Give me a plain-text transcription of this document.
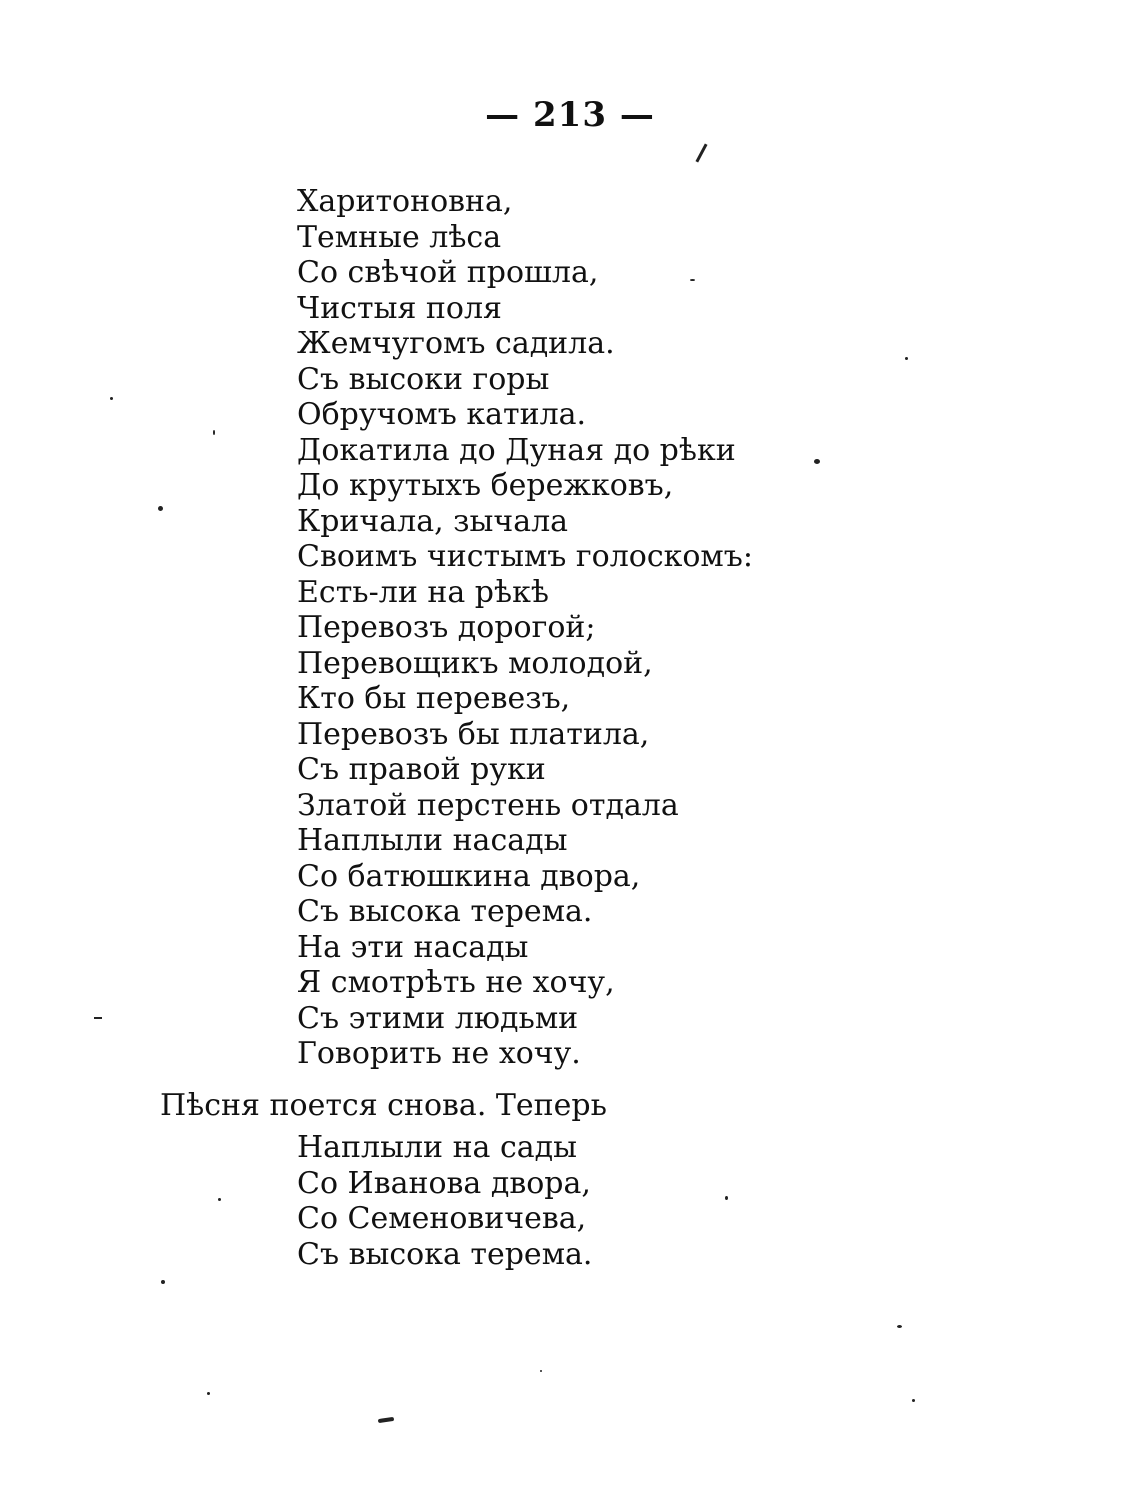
— 213 —
Харитоновна,
Темные лѣса
Со свѣчой прошла,
Чистыя поля
Жемчугомъ садила.
Съ высоки горы
Обручомъ катила.
Докатила до Дуная до рѣки
До крутыхъ бережковъ,
Кричала, зычала
Своимъ чистымъ голоскомъ:
Есть-ли на рѣкѣ
Перевозъ дорогой;
Перевощикъ молодой,
Кто бы перевезъ,
Перевозъ бы платила,
Съ правой руки
Златой перстень отдала
Наплыли насады
Со батюшкина двора,
Съ высока терема.
На эти насады
Я смотрѣть не хочу,
Съ этими людьми
Говорить не хочу.

Пѣсня поется снова. Теперь

Наплыли на сады
Со Иванова двора,
Со Семеновичева,
Съ высока терема.
